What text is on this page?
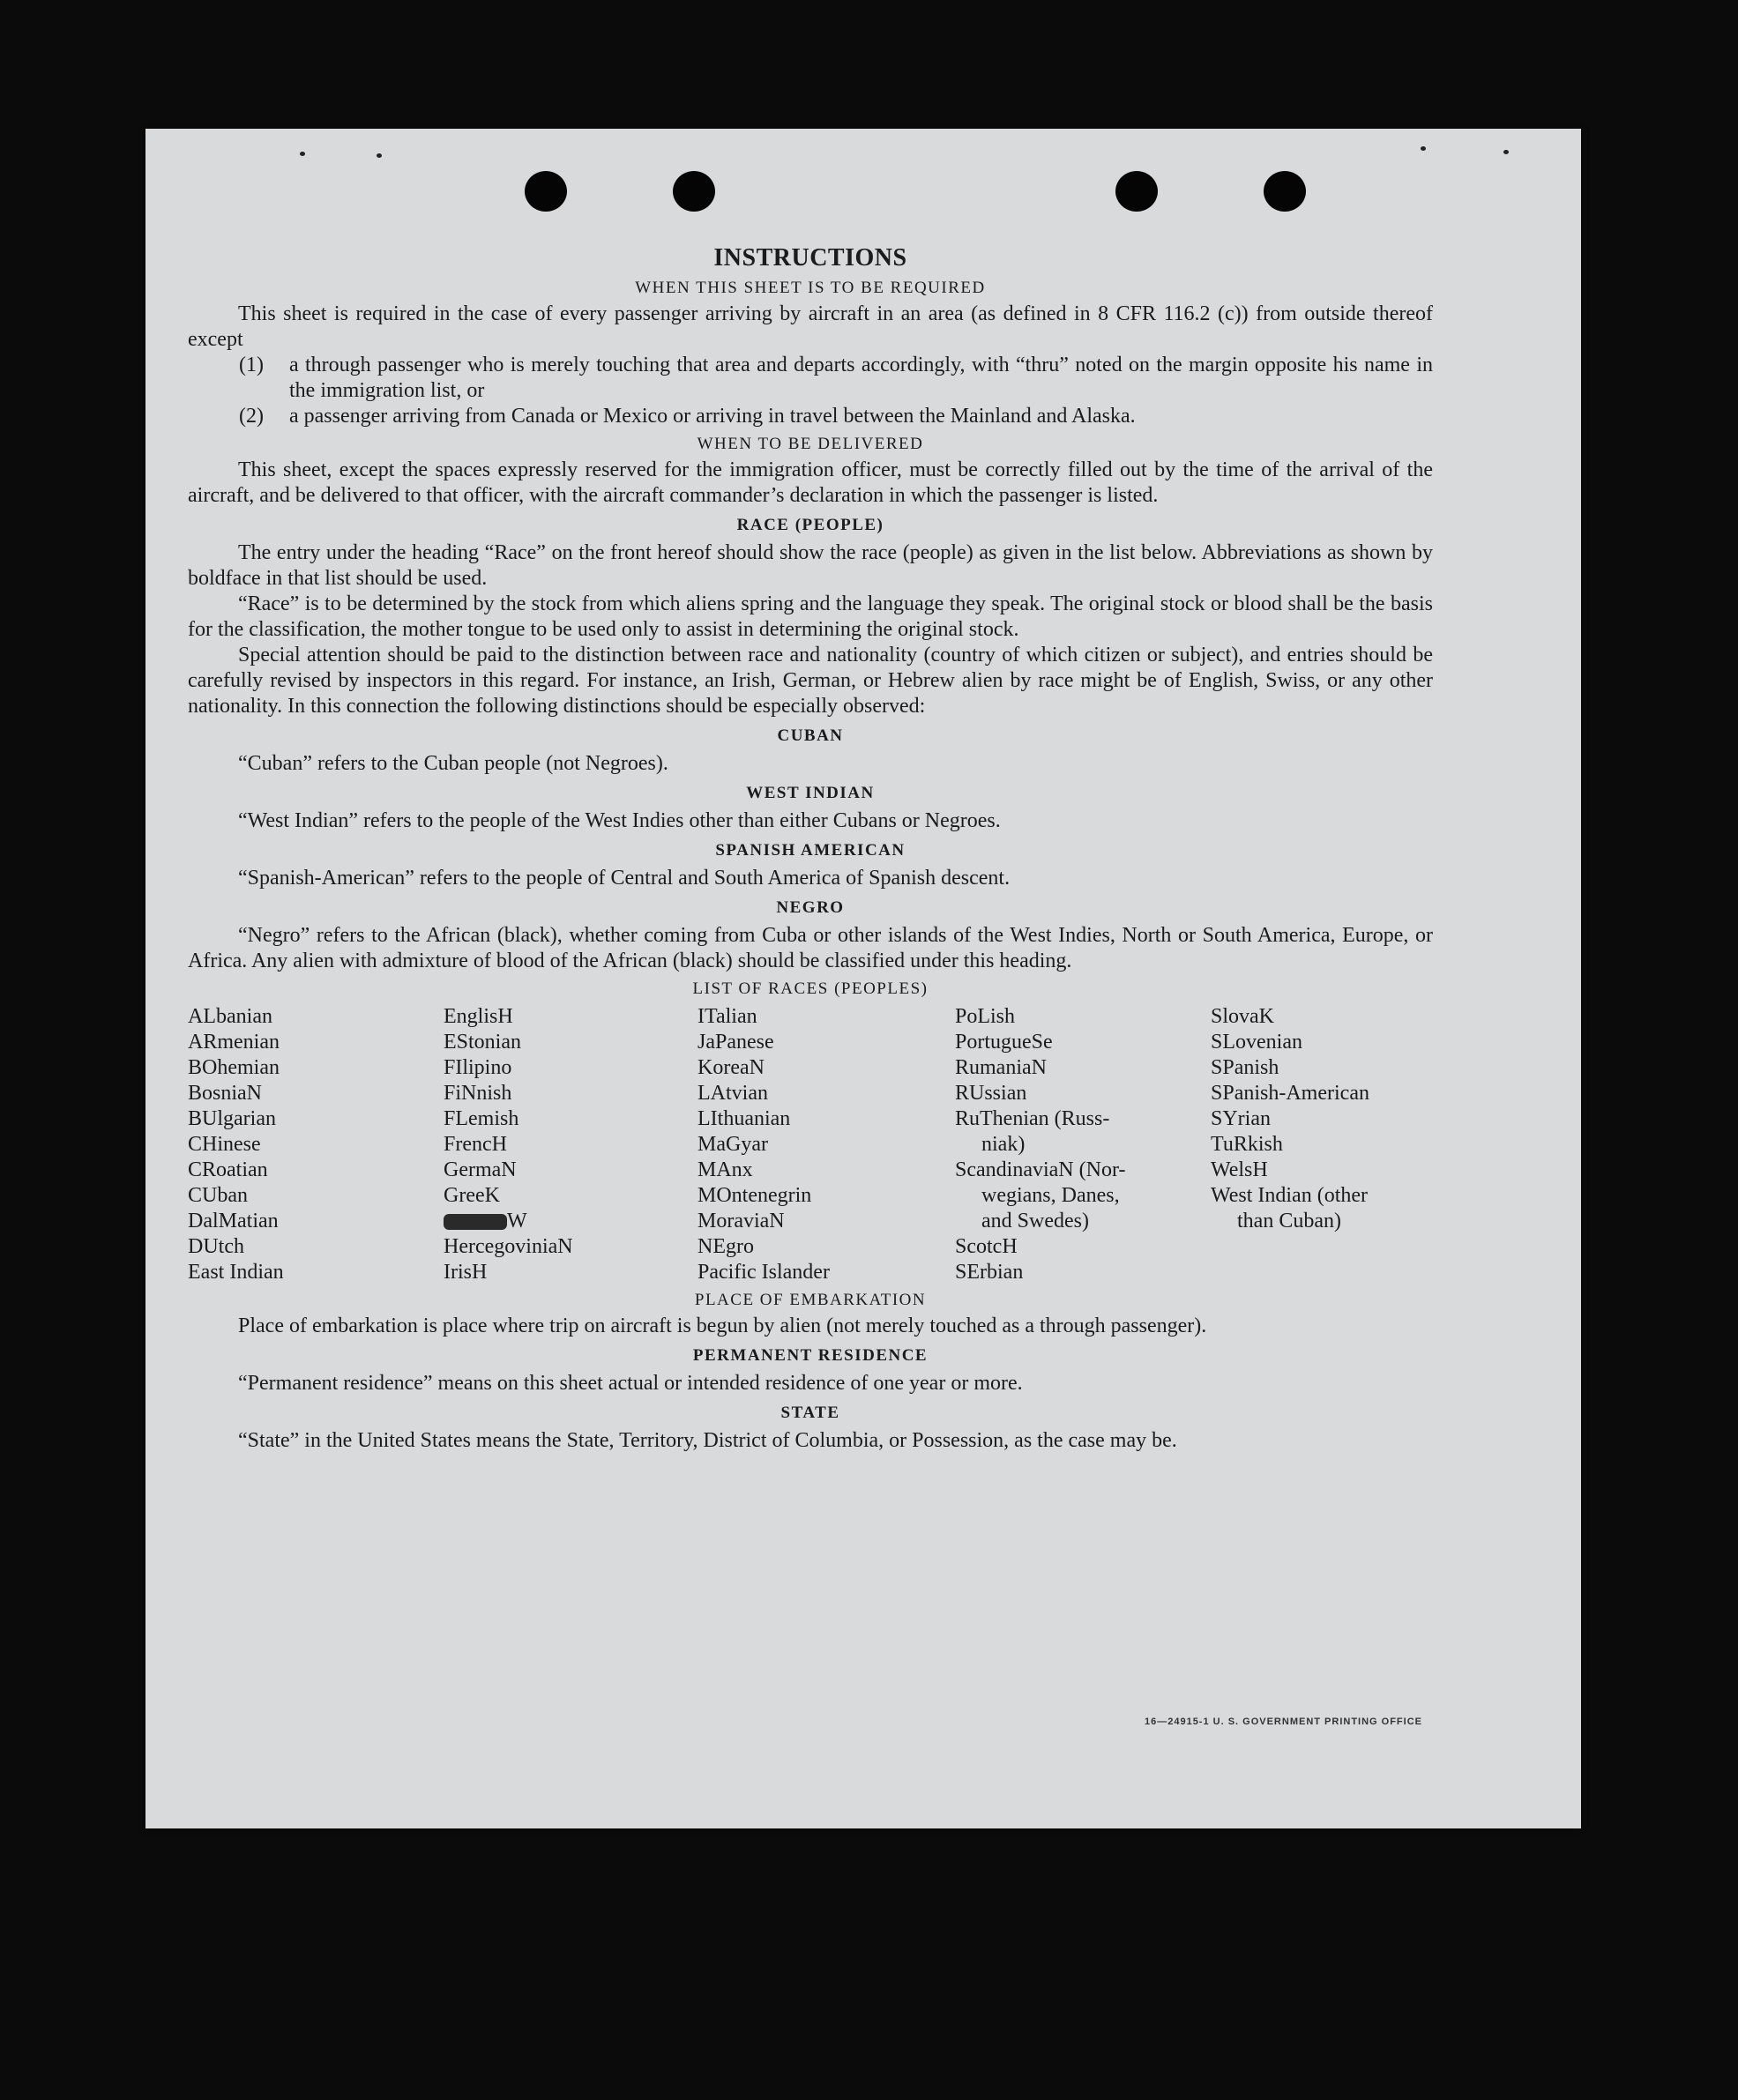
INSTRUCTIONS
WHEN THIS SHEET IS TO BE REQUIRED

This sheet is required in the case of every passenger arriving by aircraft in an area (as defined in 8 CFR 116.2 (c)) from outside thereof except

(1) a through passenger who is merely touching that area and departs accordingly, with “thru” noted on the margin opposite his name in the immigration list, or

(2) a passenger arriving from Canada or Mexico or arriving in travel between the Mainland and Alaska.

WHEN TO BE DELIVERED

This sheet, except the spaces expressly reserved for the immigration officer, must be correctly filled out by the time of the arrival of the aircraft, and be delivered to that officer, with the aircraft commander’s declaration in which the passenger is listed.

RACE (PEOPLE)

The entry under the heading “Race” on the front hereof should show the race (people) as given in the list below. Abbreviations as shown by boldface in that list should be used.

“Race” is to be determined by the stock from which aliens spring and the language they speak. The original stock or blood shall be the basis for the classification, the mother tongue to be used only to assist in determining the original stock.

Special attention should be paid to the distinction between race and nationality (country of which citizen or subject), and entries should be carefully revised by inspectors in this regard. For instance, an Irish, German, or Hebrew alien by race might be of English, Swiss, or any other nationality. In this connection the following distinctions should be especially observed:

CUBAN

“Cuban” refers to the Cuban people (not Negroes).

WEST INDIAN

“West Indian” refers to the people of the West Indies other than either Cubans or Negroes.

SPANISH AMERICAN

“Spanish-American” refers to the people of Central and South America of Spanish descent.

NEGRO

“Negro” refers to the African (black), whether coming from Cuba or other islands of the West Indies, North or South America, Europe, or Africa. Any alien with admixture of blood of the African (black) should be classified under this heading.

LIST OF RACES (PEOPLES)
ALbanian
ARmenian
BOhemian
BosniaN
BUlgarian
CHinese
CRoatian
CUban
DalMatian
DUtch
East Indian
EnglisH
EStonian
FIlipino
FiNnish
FLemish
FrencH
GermaN
GreeK
W
HercegoviniaN
IrisH
ITalian
JaPanese
KoreaN
LAtvian
LIthuanian
MaGyar
MAnx
MOntenegrin
MoraviaN
NEgro
Pacific Islander
PoLish
PortugueSe
RumaniaN
RUssian
RuThenian (Russ-
niak)
ScandinaviaN (Nor-
wegians, Danes,
and Swedes)
ScotcH
SErbian
SlovaK
SLovenian
SPanish
SPanish-American
SYrian
TuRkish
WelsH
West Indian (other
than Cuban)
PLACE OF EMBARKATION

Place of embarkation is place where trip on aircraft is begun by alien (not merely touched as a through passenger).

PERMANENT RESIDENCE

“Permanent residence” means on this sheet actual or intended residence of one year or more.

STATE

“State” in the United States means the State, Territory, District of Columbia, or Possession, as the case may be.

16—24915-1 U. S. GOVERNMENT PRINTING OFFICE
